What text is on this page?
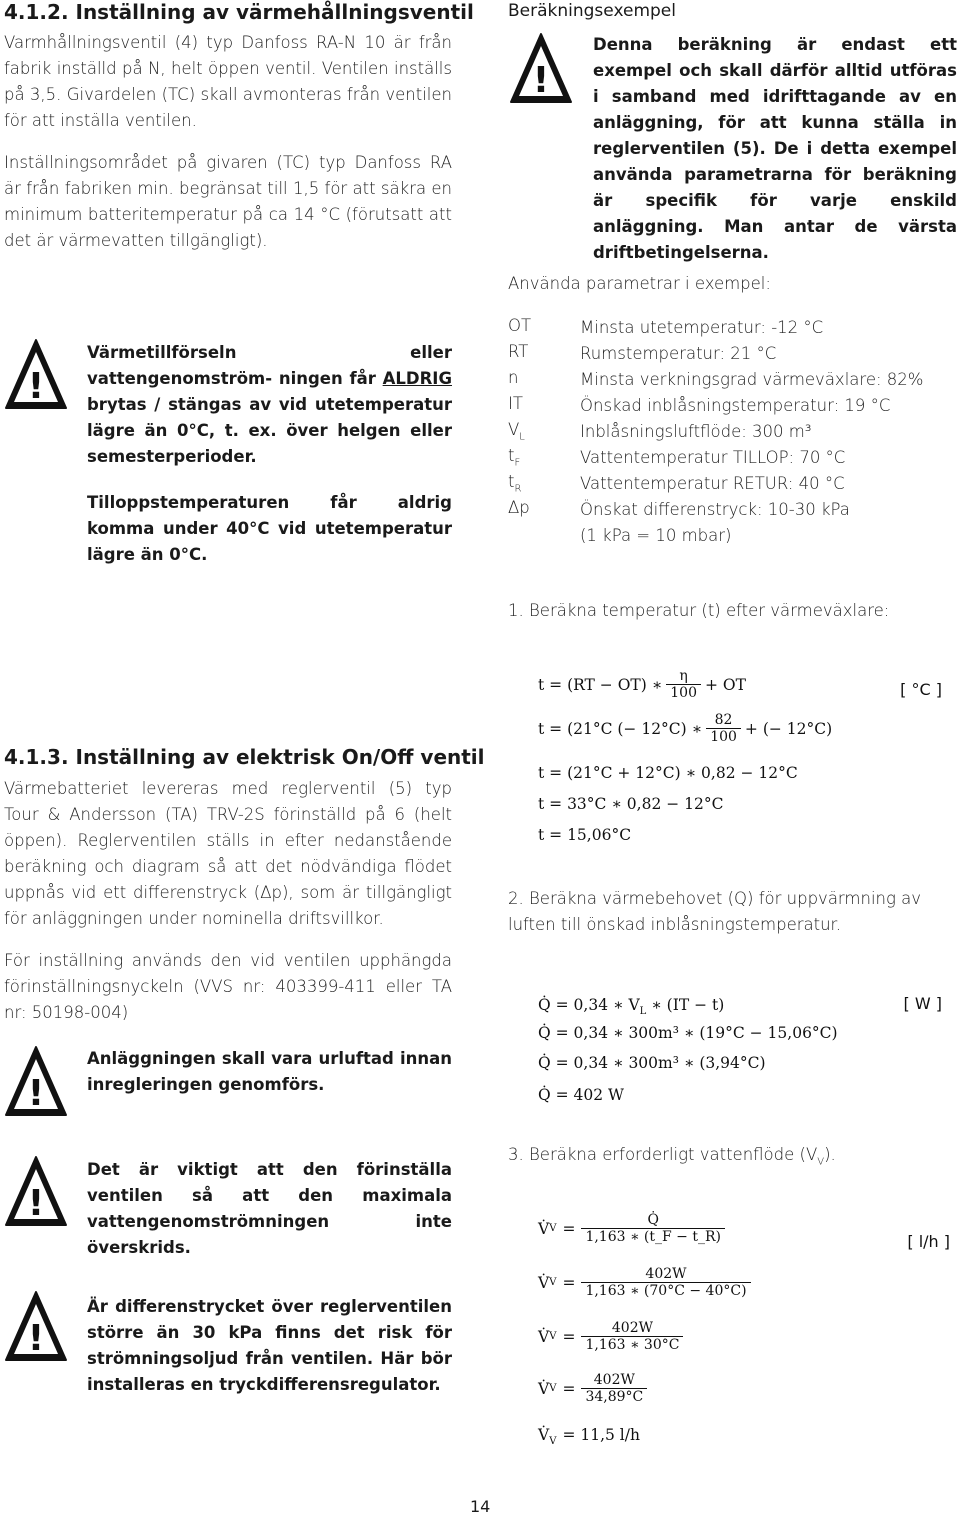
4.1.2. Inställning av värmehållningsventil

Varmhållningsventil (4) typ Danfoss RA-N 10 är från fabrik inställd på N, helt öppen ventil. Ventilen inställs på 3,5. Givardelen (TC) skall avmonteras från ventilen för att inställa ventilen.

Inställningsområdet på givaren (TC) typ Danfoss RA är från fabriken min. begränsat till 1,5 för att säkra en minimum batteritemperatur på ca 14 °C (förutsatt att det är värmevatten tillgängligt).

!

Värmetillförseln eller vattengenomström- ningen får ALDRIG brytas / stängas av vid utetemperatur lägre än 0°C, t. ex. över helgen eller semesterperioder.

Tilloppstemperaturen får aldrig komma under 40°C vid utetemperatur lägre än 0°C.

4.1.3. Inställning av elektrisk On/Off ventil

Värmebatteriet levereras med reglerventil (5) typ Tour & Andersson (TA) TRV-2S förinställd på 6 (helt öppen). Reglerventilen ställs in efter nedanstående beräkning och diagram så att det nödvändiga flödet uppnås vid ett differenstryck (Δp), som är tillgängligt för anläggningen under nominella driftsvillkor.

För inställning används den vid ventilen upphängda förinställningsnyckeln (VVS nr: 403399-411 eller TA nr: 50198-004)

!

Anläggningen skall vara urluftad innan inregleringen genomförs.

!

Det är viktigt att den förinställa ventilen så att den maximala vattengenomströmningen inte överskrids.

!

Är differenstrycket över reglerventilen större än 30 kPa finns det risk för strömningsoljud från ventilen. Här bör installeras en tryckdifferensregulator.

Beräkningsexempel
!

Denna beräkning är endast ett exempel och skall därför alltid utföras i samband med idrifttagande av en anläggning, för att kunna ställa in reglerventilen (5). De i detta exempel använda parametrarna för beräkning är specifik för varje enskild anläggning. Man antar de värsta driftbetingelserna.

Använda parametrar i exempel:
OT	Minsta utetemperatur: -12 °C
RT	Rumstemperatur: 21 °C
n	Minsta verkningsgrad värmeväxlare: 82%
IT	Önskad inblåsningstemperatur: 19 °C
$V_L$	Inblåsningsluftflöde: 300 m³
$t_F$	Vattentemperatur TILLOP: 70 °C
$t_R$	Vattentemperatur RETUR: 40 °C
Δp	Önskat differenstryck: 10-30 kPa
(1 kPa = 10 mbar)
1. Beräkna temperatur (t) efter värmeväxlare:
[ °C ]
t = (RT − OT) ∗ $\frac{\eta}{100}$ + OT
t = (21°C (− 12°C) ∗ $\frac{82}{100}$ + (− 12°C)
t = (21°C + 12°C) ∗ 0,82 − 12°C
t = 33°C ∗ 0,82 − 12°C
t = 15,06°C
2. Beräkna värmebehovet (Q) för uppvärmning av luften till önskad inblåsningstemperatur.
[ W ]
Q̇ = 0,34 ∗ $V_L$ ∗ (IT − t)
Q̇ = 0,34 ∗ 300m³ ∗ (19°C − 15,06°C)
Q̇ = 0,34 ∗ 300m³ ∗ (3,94°C)
Q̇ = 402 W
3. Beräkna erforderligt vattenflöde $(V_V)$.
[ l/h ]
V̇ $V = \frac{Q̇}{1,163 ∗ (t\_F - t\_R)}$
V̇ $V = \frac{402W}{1,163 ∗ (70^\circ C - 40^\circ C)}$
V̇ $V = \frac{402W}{1,163 ∗ 30^\circ C}$
V̇ $V = \frac{402W}{34,89^\circ C}$
$V̇_V = 11,5$ l/h
14
